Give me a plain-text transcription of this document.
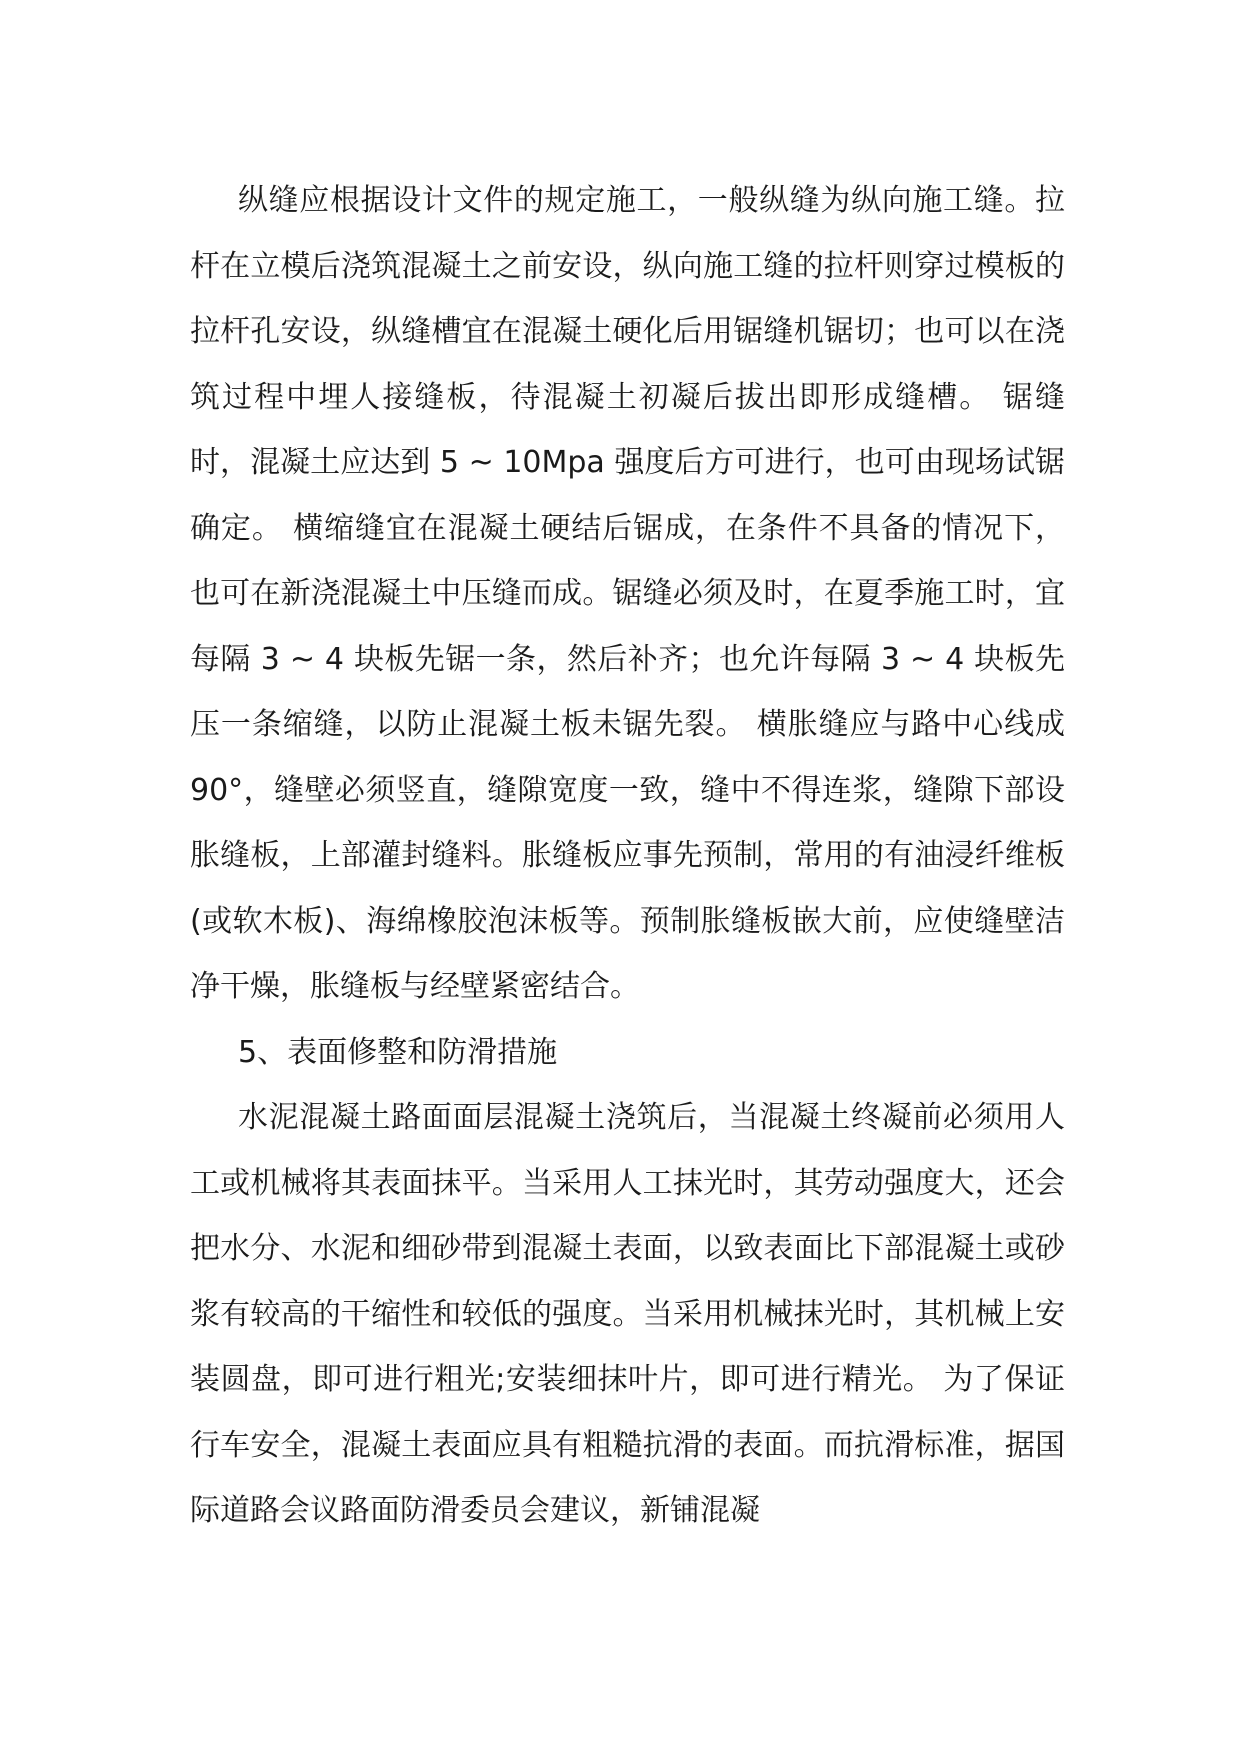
纵缝应根据设计文件的规定施工，一般纵缝为纵向施工缝。拉杆在立模后浇筑混凝土之前安设，纵向施工缝的拉杆则穿过模板的拉杆孔安设，纵缝槽宜在混凝土硬化后用锯缝机锯切；也可以在浇筑过程中埋人接缝板，待混凝土初凝后拔出即形成缝槽。 锯缝时，混凝土应达到 5 ~ 10Mpa 强度后方可进行，也可由现场试锯确定。 横缩缝宜在混凝土硬结后锯成，在条件不具备的情况下，也可在新浇混凝土中压缝而成。锯缝必须及时，在夏季施工时，宜每隔 3 ~ 4 块板先锯一条，然后补齐；也允许每隔 3 ~ 4 块板先压一条缩缝，以防止混凝土板未锯先裂。 横胀缝应与路中心线成 90°，缝壁必须竖直，缝隙宽度一致，缝中不得连浆，缝隙下部设胀缝板，上部灌封缝料。胀缝板应事先预制，常用的有油浸纤维板(或软木板)、海绵橡胶泡沫板等。预制胀缝板嵌大前，应使缝壁洁净干燥，胀缝板与经壁紧密结合。

5、表面修整和防滑措施

水泥混凝土路面面层混凝土浇筑后，当混凝土终凝前必须用人工或机械将其表面抹平。当采用人工抹光时，其劳动强度大，还会把水分、水泥和细砂带到混凝土表面，以致表面比下部混凝土或砂浆有较高的干缩性和较低的强度。当采用机械抹光时，其机械上安装圆盘，即可进行粗光;安装细抹叶片，即可进行精光。 为了保证行车安全，混凝土表面应具有粗糙抗滑的表面。而抗滑标准，据国际道路会议路面防滑委员会建议，新铺混凝
